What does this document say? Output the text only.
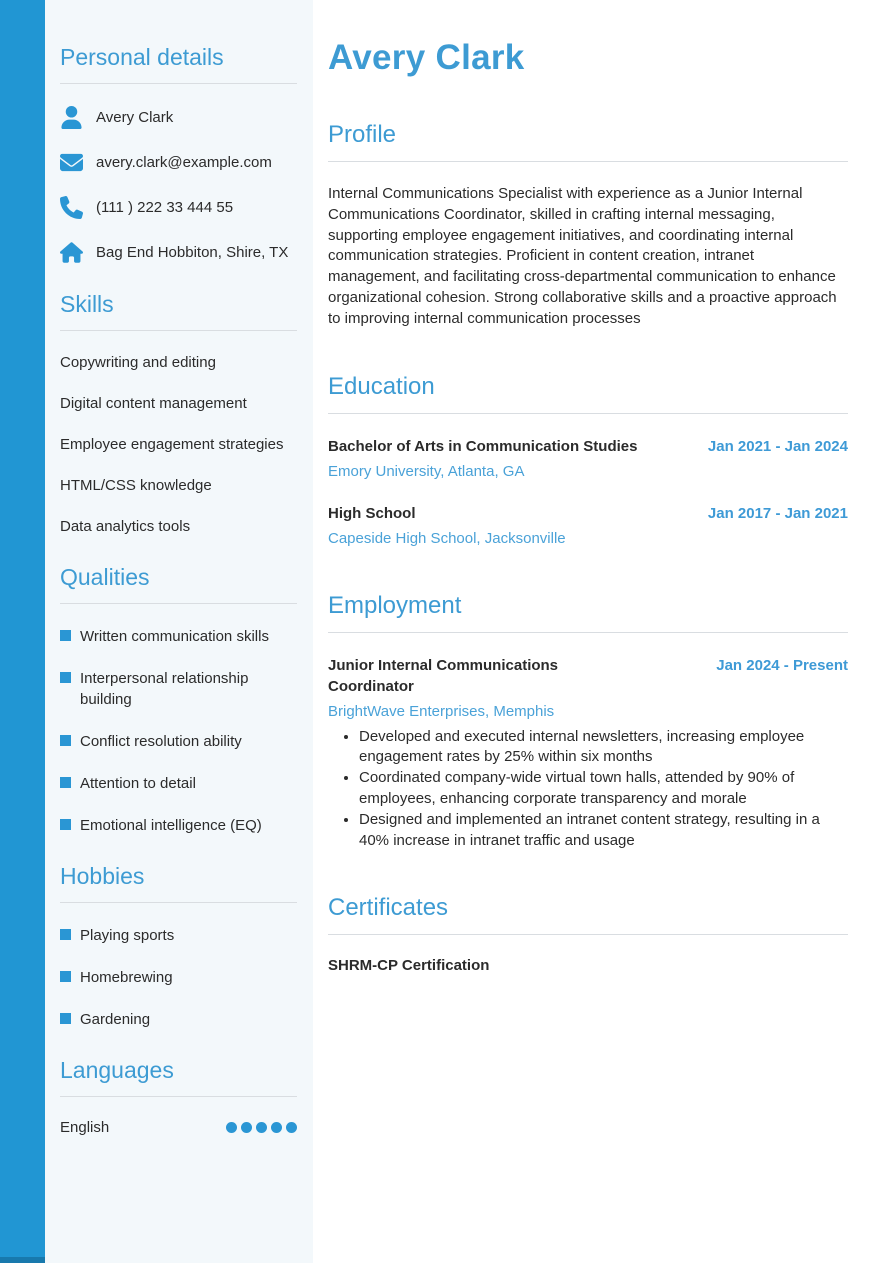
Personal details
Avery Clark
avery.clark@example.com
(111 ) 222 33 444 55
Bag End Hobbiton, Shire, TX
Skills
Copywriting and editing
Digital content management
Employee engagement strategies
HTML/CSS knowledge
Data analytics tools
Qualities
Written communication skills
Interpersonal relationship building
Conflict resolution ability
Attention to detail
Emotional intelligence (EQ)
Hobbies
Playing sports
Homebrewing
Gardening
Languages
English
Avery Clark
Profile

Internal Communications Specialist with experience as a Junior Internal Communications Coordinator, skilled in crafting internal messaging, supporting employee engagement initiatives, and coordinating internal communication strategies. Proficient in content creation, intranet management, and facilitating cross-departmental communication to enhance organizational cohesion. Strong collaborative skills and a proactive approach to improving internal communication processes

Education
Bachelor of Arts in Communication Studies	Jan 2021 - Jan 2024
Emory University, Atlanta, GA
High School	Jan 2017 - Jan 2021
Capeside High School, Jacksonville
Employment
Junior Internal Communications Coordinator
Jan 2024 - Present
BrightWave Enterprises, Memphis
• Developed and executed internal newsletters, increasing employee engagement rates by 25% within six months
• Coordinated company-wide virtual town halls, attended by 90% of employees, enhancing corporate transparency and morale
• Designed and implemented an intranet content strategy, resulting in a 40% increase in intranet traffic and usage
Certificates
SHRM-CP Certification
